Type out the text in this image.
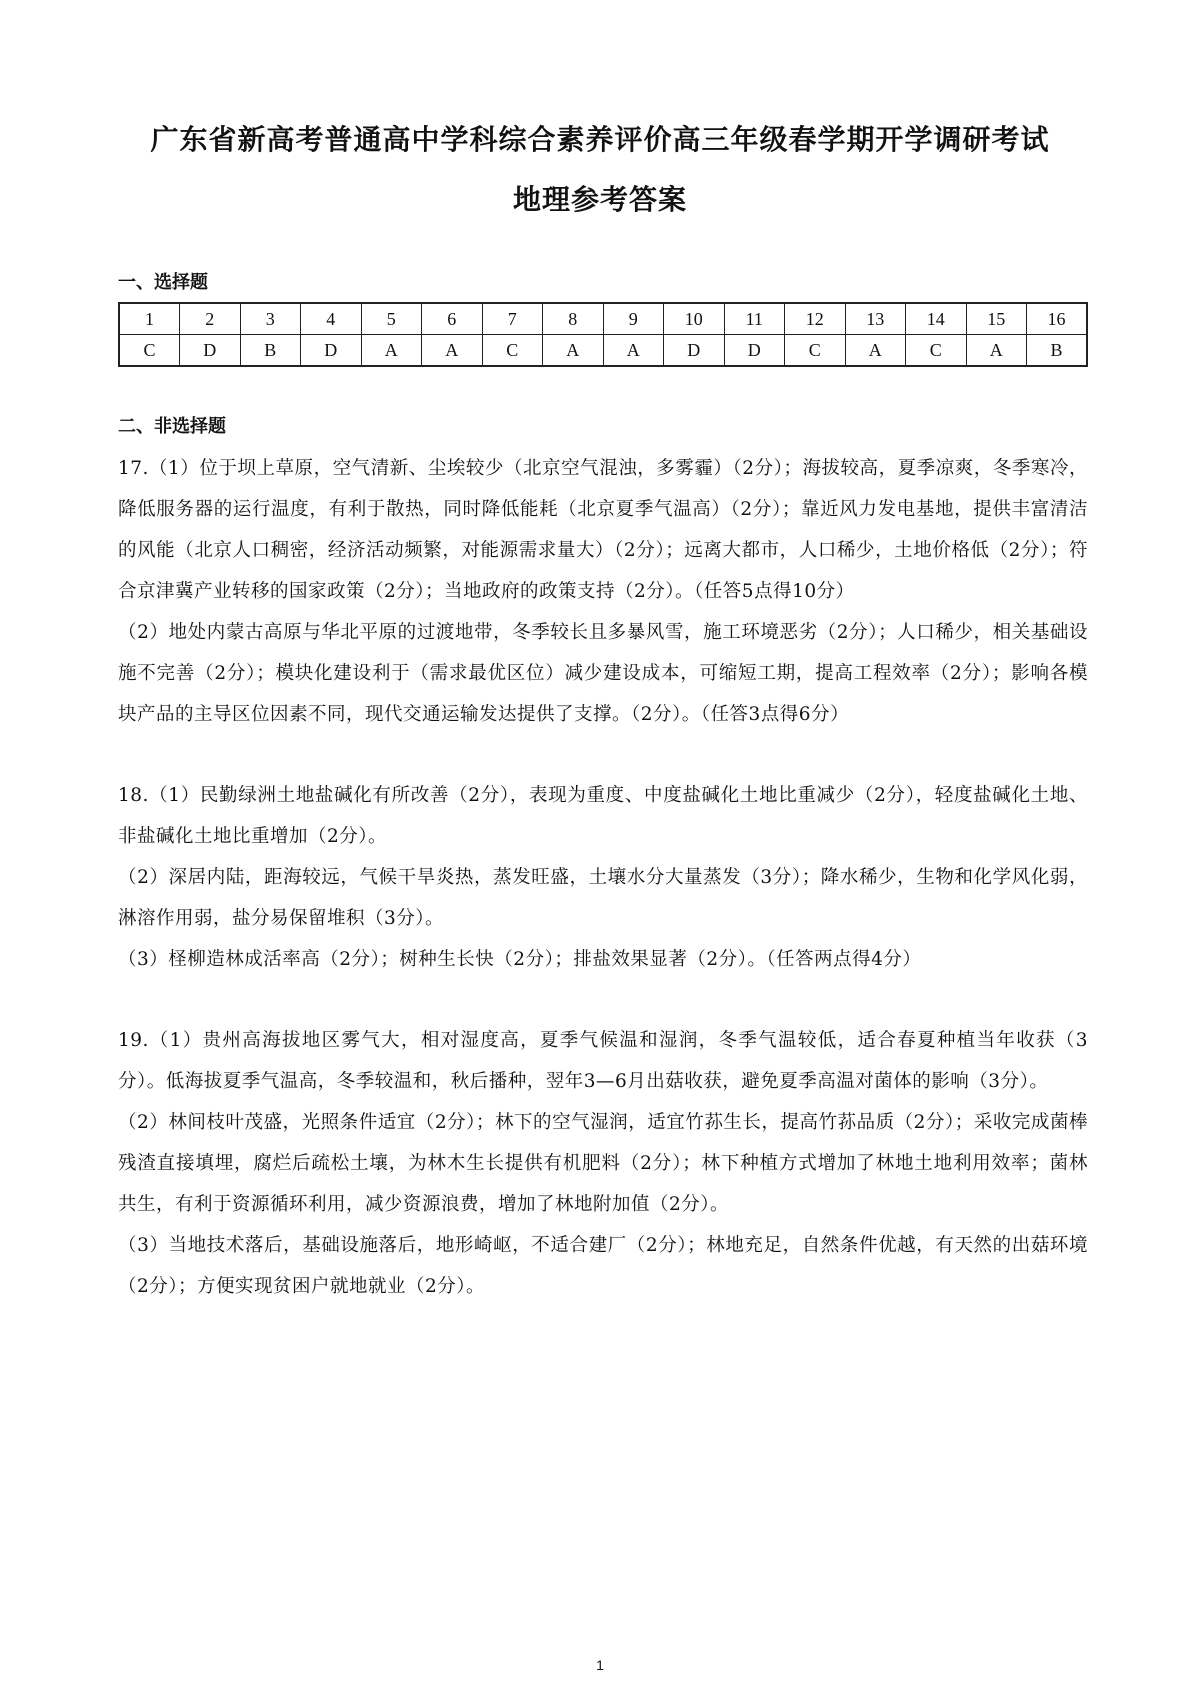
广东省新高考普通高中学科综合素养评价高三年级春学期开学调研考试
地理参考答案
一、选择题
1	2	3	4	5	6	7	8	9	10	11	12	13	14	15	16
C	D	B	D	A	A	C	A	A	D	D	C	A	C	A	B
二、非选择题

17.（1）位于坝上草原，空气清新、尘埃较少（北京空气混浊，多雾霾）（2分）；海拔较高，夏季凉爽，冬季寒冷，降低服务器的运行温度，有利于散热，同时降低能耗（北京夏季气温高）（2分）；靠近风力发电基地，提供丰富清洁的风能（北京人口稠密，经济活动频繁，对能源需求量大）（2分）；远离大都市，人口稀少，土地价格低（2分）；符合京津冀产业转移的国家政策（2分）；当地政府的政策支持（2分）。（任答5点得10分）

（2）地处内蒙古高原与华北平原的过渡地带，冬季较长且多暴风雪，施工环境恶劣（2分）；人口稀少，相关基础设施不完善（2分）；模块化建设利于（需求最优区位）减少建设成本，可缩短工期，提高工程效率（2分）；影响各模块产品的主导区位因素不同，现代交通运输发达提供了支撑。（2分）。（任答3点得6分）

18.（1）民勤绿洲土地盐碱化有所改善（2分），表现为重度、中度盐碱化土地比重减少（2分），轻度盐碱化土地、非盐碱化土地比重增加（2分）。

（2）深居内陆，距海较远，气候干旱炎热，蒸发旺盛，土壤水分大量蒸发（3分）；降水稀少，生物和化学风化弱，淋溶作用弱，盐分易保留堆积（3分）。

（3）柽柳造林成活率高（2分）；树种生长快（2分）；排盐效果显著（2分）。（任答两点得4分）

19.（1）贵州高海拔地区雾气大，相对湿度高，夏季气候温和湿润，冬季气温较低，适合春夏种植当年收获（3分）。低海拔夏季气温高，冬季较温和，秋后播种，翌年3—6月出菇收获，避免夏季高温对菌体的影响（3分）。

（2）林间枝叶茂盛，光照条件适宜（2分）；林下的空气湿润，适宜竹荪生长，提高竹荪品质（2分）；采收完成菌棒残渣直接填埋，腐烂后疏松土壤，为林木生长提供有机肥料（2分）；林下种植方式增加了林地土地利用效率；菌林共生，有利于资源循环利用，减少资源浪费，增加了林地附加值（2分）。

（3）当地技术落后，基础设施落后，地形崎岖，不适合建厂（2分）；林地充足，自然条件优越，有天然的出菇环境（2分）；方便实现贫困户就地就业（2分）。

1
